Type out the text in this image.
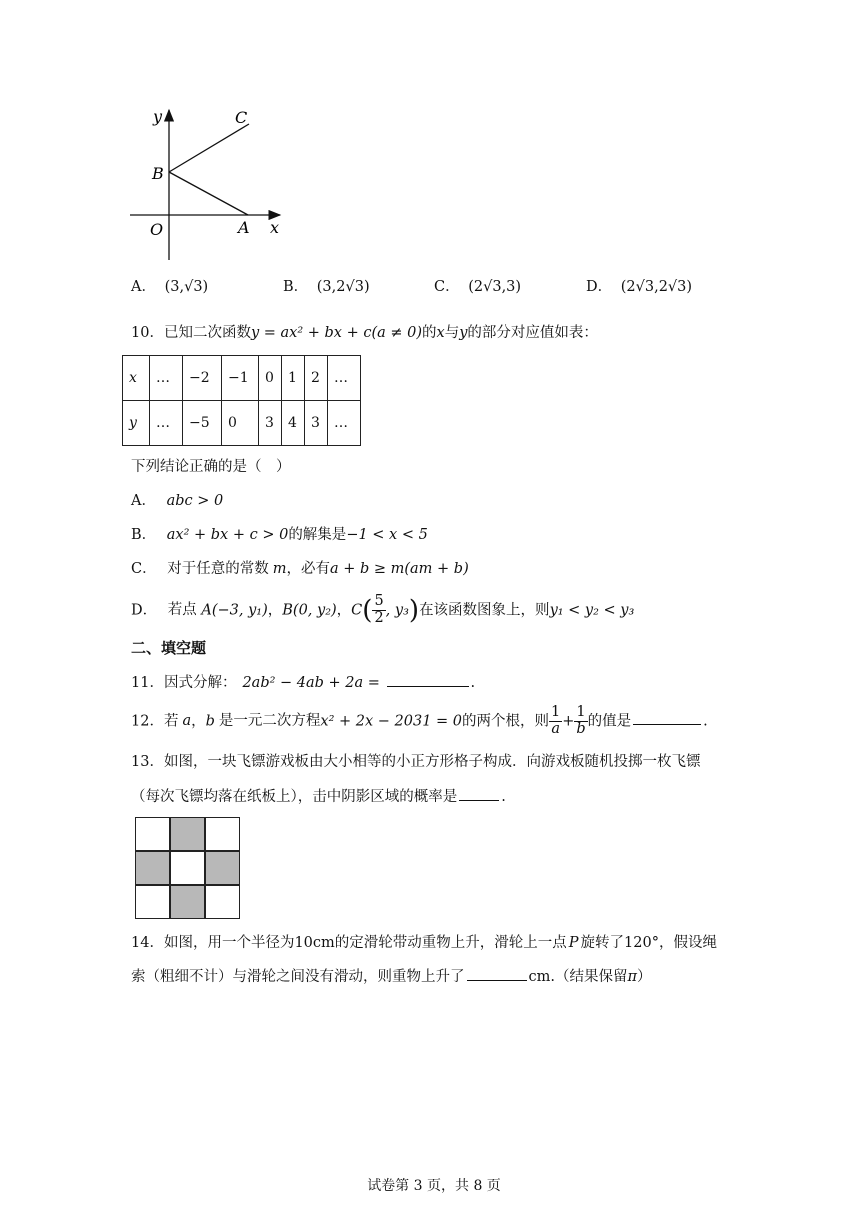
y
x
O	A
B
C
A． (3,√3)	B． (3,2√3)	C． (2√3,3)	D． (2√3,2√3)
10．已知二次函数y = ax² + bx + c(a ≠ 0)的x与y的部分对应值如表：
x	…	−2	−1	0	1	2	…
y	…	−5	0	3	4	3	…
下列结论正确的是（　）
A． abc > 0
B． ax² + bx + c > 0的解集是−1 < x < 5
C． 对于任意的常数 m，必有a + b ≥ m(am + b)
D． 若点 A(−3, y₁)，B(0, y₂)，$C( \frac{5}{2}$ , y₃)在该函数图象上，则y₁ < y₂ < y₃
二、填空题
11．因式分解： 2ab² − 4ab + 2a =	.
12．若 a，b 是一元二次方程x² + 2x − 2031 = 0的两个根，则 $\frac{1}{a} + \frac{1}{b}$ 的值是	.
13．如图，一块飞镖游戏板由大小相等的小正方形格子构成．向游戏板随机投掷一枚飞镖
（每次飞镖均落在纸板上），击中阴影区域的概率是	.
14．如图，用一个半径为10cm的定滑轮带动重物上升，滑轮上一点 P 旋转了120°，假设绳
索（粗细不计）与滑轮之间没有滑动，则重物上升了	cm.（结果保留π）
试卷第 3 页，共 8 页
